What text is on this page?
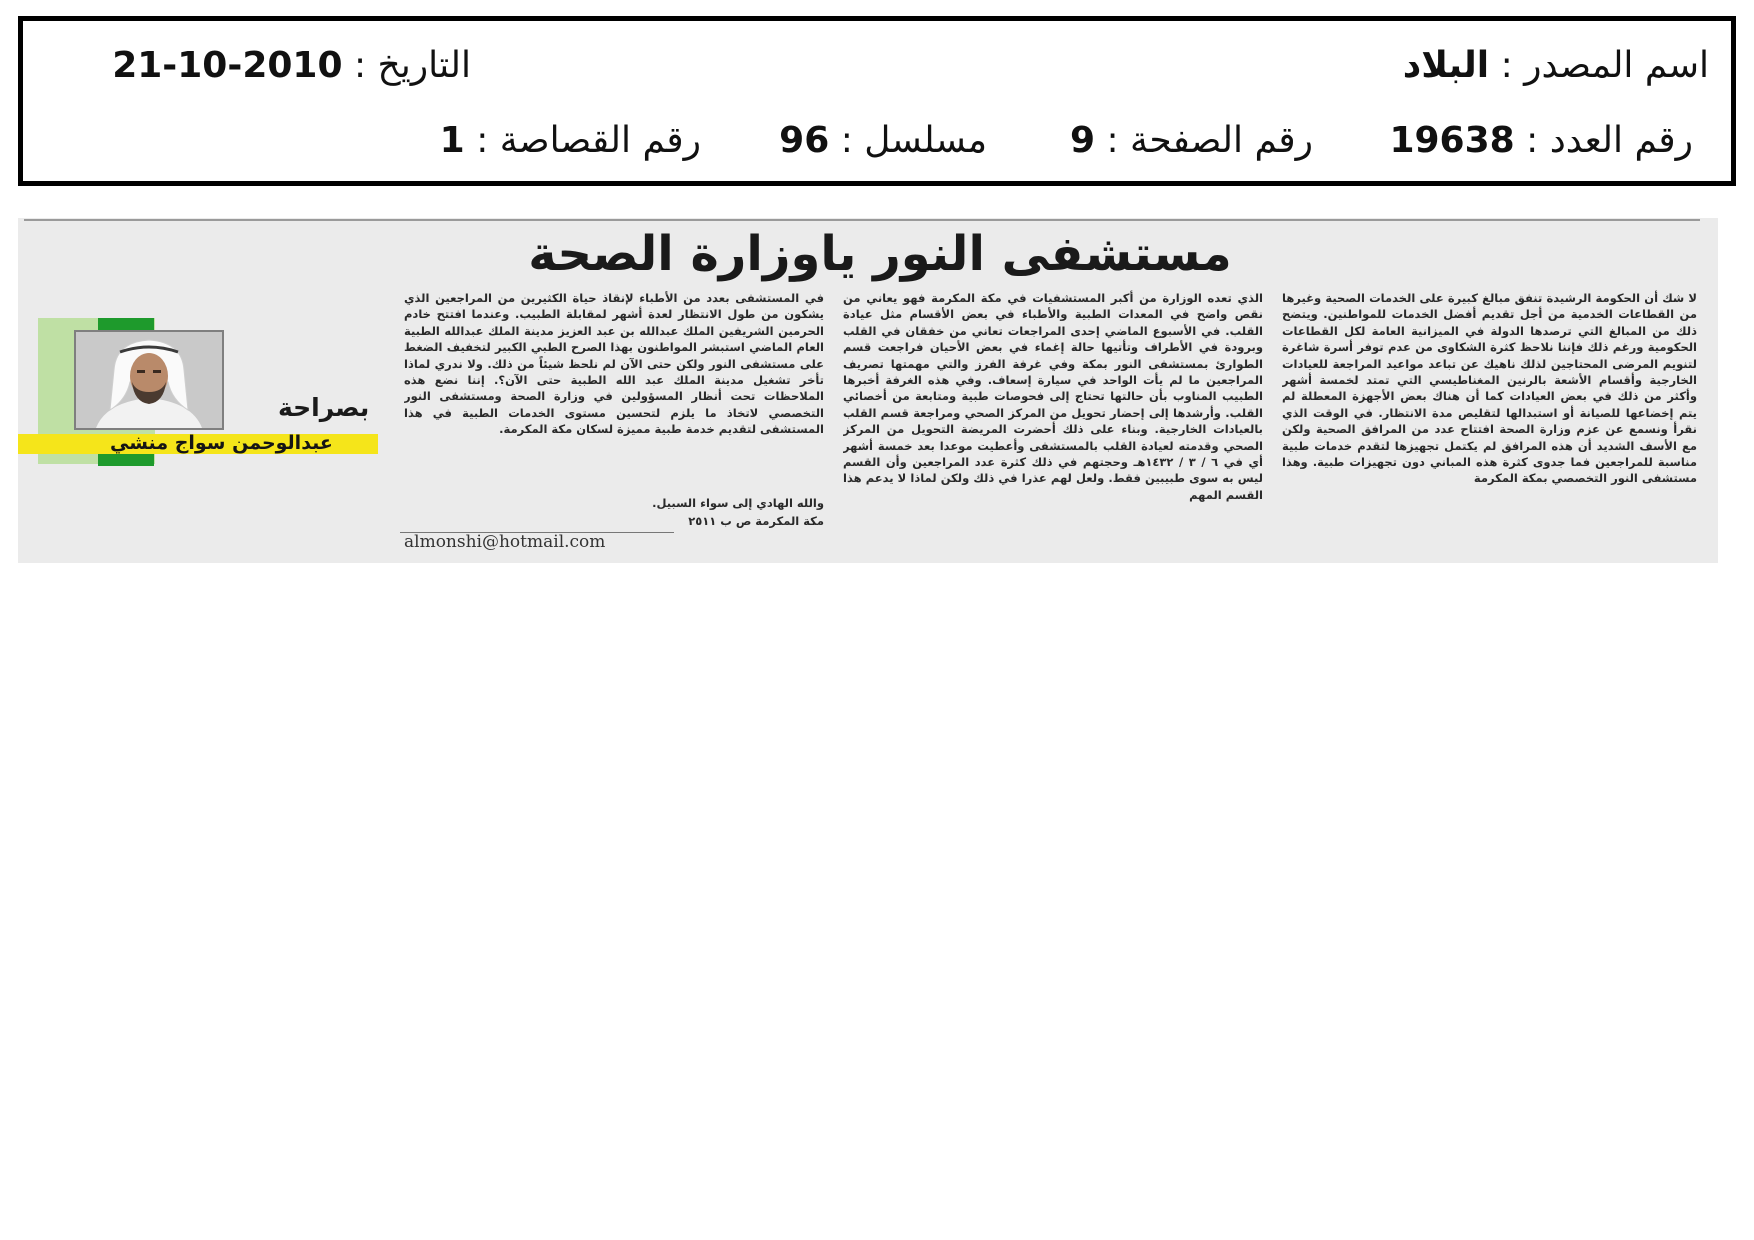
اسم المصدر : البلاد
التاريخ : 2010-10-21
رقم العدد : 19638
رقم الصفحة : 9
مسلسل : 96
رقم القصاصة : 1
مستشفى النور ياوزارة الصحة
لا شك أن الحكومة الرشيدة تنفق مبالغ كبيرة على الخدمات الصحية وغيرها من القطاعات الخدمية من أجل تقديم أفضل الخدمات للمواطنين. ويتضح ذلك من المبالغ التي ترصدها الدولة في الميزانية العامة لكل القطاعات الحكومية ورغم ذلك فإننا نلاحظ كثرة الشكاوى من عدم توفر أسرة شاغرة لتنويم المرضى المحتاجين لذلك ناهيك عن تباعد مواعيد المراجعة للعيادات الخارجية وأقسام الأشعة بالرنين المغناطيسي التي تمتد لخمسة أشهر وأكثر من ذلك في بعض العيادات كما أن هناك بعض الأجهزة المعطلة لم يتم إخضاعها للصيانة أو استبدالها لتقليص مدة الانتظار. في الوقت الذي نقرأ ونسمع عن عزم وزارة الصحة افتتاح عدد من المرافق الصحية ولكن مع الأسف الشديد أن هذه المرافق لم يكتمل تجهيزها لتقدم خدمات طبية مناسبة للمراجعين فما جدوى كثرة هذه المباني دون تجهيزات طبية. وهذا مستشفى النور التخصصي بمكة المكرمة
الذي تعده الوزارة من أكبر المستشفيات في مكة المكرمة فهو يعاني من نقص واضح في المعدات الطبية والأطباء في بعض الأقسام مثل عيادة القلب. في الأسبوع الماضي إحدى المراجعات تعاني من خفقان في القلب وبرودة في الأطراف وتأتيها حالة إغماء في بعض الأحيان فراجعت قسم الطوارئ بمستشفى النور بمكة وفي غرفة الفرز والتي مهمتها تصريف المراجعين ما لم يأت الواحد في سيارة إسعاف. وفي هذه الغرفة أخبرها الطبيب المناوب بأن حالتها تحتاج إلى فحوصات طبية ومتابعة من أخصائي القلب. وأرشدها إلى إحضار تحويل من المركز الصحي ومراجعة قسم القلب بالعيادات الخارجية. وبناء على ذلك أحضرت المريضة التحويل من المركز الصحي وقدمته لعيادة القلب بالمستشفى وأعطيت موعدا بعد خمسة أشهر أي في ٦ / ٣ / ١٤٣٢هـ وحجتهم في ذلك كثرة عدد المراجعين وأن القسم ليس به سوى طبيبين فقط. ولعل لهم عذرا في ذلك ولكن لماذا لا يدعم هذا القسم المهم
في المستشفى بعدد من الأطباء لإنقاذ حياة الكثيرين من المراجعين الذي يشكون من طول الانتظار لعدة أشهر لمقابلة الطبيب. وعندما افتتح خادم الحرمين الشريفين الملك عبدالله بن عبد العزيز مدينة الملك عبدالله الطبية العام الماضي استبشر المواطنون بهذا الصرح الطبي الكبير لتخفيف الضغط على مستشفى النور ولكن حتى الآن لم نلحظ شيئاً من ذلك. ولا ندري لماذا تأخر تشغيل مدينة الملك عبد الله الطبية حتى الآن؟. إننا نضع هذه الملاحظات تحت أنظار المسؤولين في وزارة الصحة ومستشفى النور التخصصي لاتخاذ ما يلزم لتحسين مستوى الخدمات الطبية في هذا المستشفى لتقديم خدمة طبية مميزة لسكان مكة المكرمة.
والله الهادي إلى سواء السبيل.
مكة المكرمة ص ب ٢٥١١
almonshi@hotmail.com
عبدالوحمن سواج منشي
بصراحة
